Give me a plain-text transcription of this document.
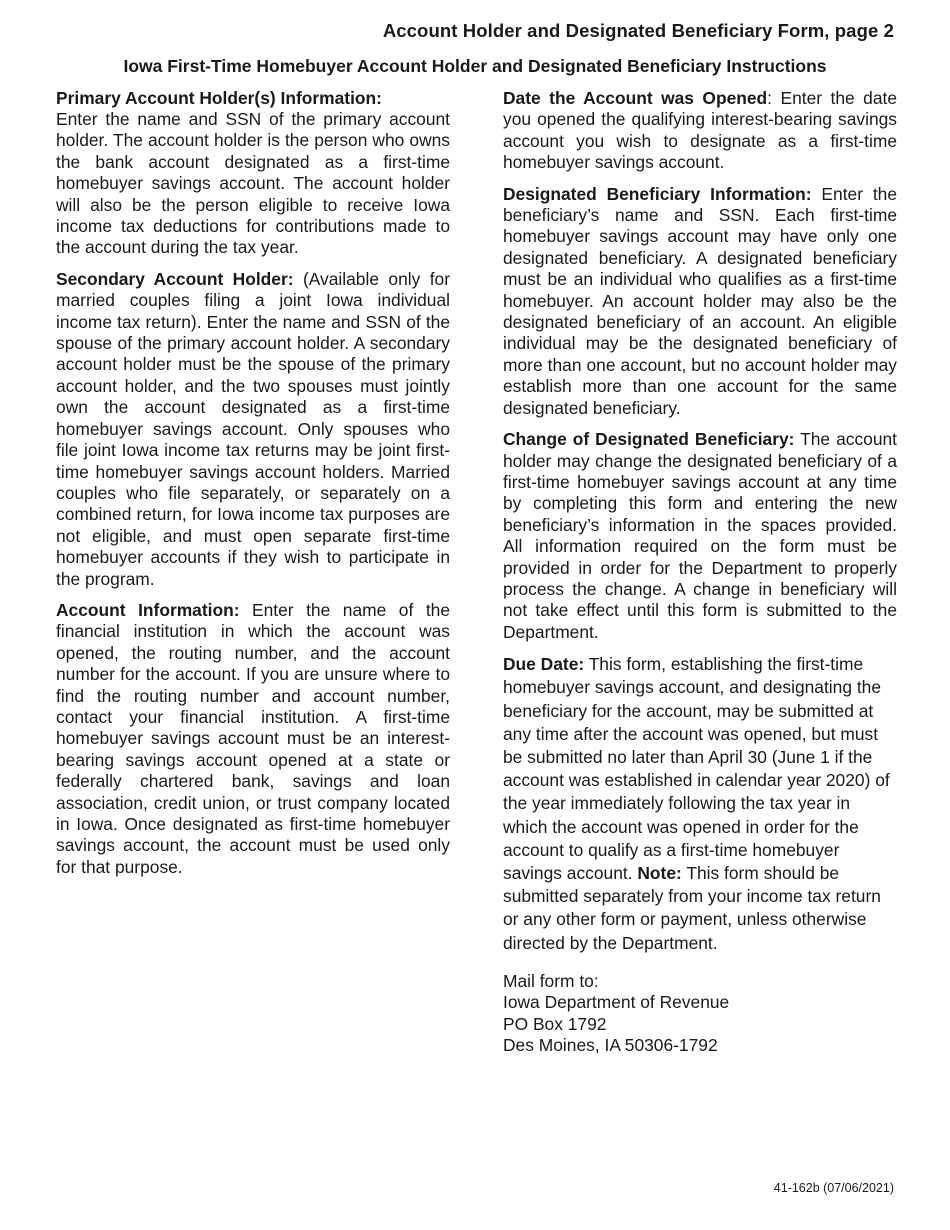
Account Holder and Designated Beneficiary Form, page 2
Iowa First-Time Homebuyer Account Holder and Designated Beneficiary Instructions

Primary Account Holder(s) Information:
Enter the name and SSN of the primary account holder. The account holder is the person who owns the bank account designated as a first-time homebuyer savings account. The account holder will also be the person eligible to receive Iowa income tax deductions for contributions made to the account during the tax year.

Secondary Account Holder: (Available only for married couples filing a joint Iowa individual income tax return). Enter the name and SSN of the spouse of the primary account holder. A secondary account holder must be the spouse of the primary account holder, and the two spouses must jointly own the account designated as a first-time homebuyer savings account. Only spouses who file joint Iowa income tax returns may be joint first-time homebuyer savings account holders. Married couples who file separately, or separately on a combined return, for Iowa income tax purposes are not eligible, and must open separate first-time homebuyer accounts if they wish to participate in the program.

Account Information: Enter the name of the financial institution in which the account was opened, the routing number, and the account number for the account. If you are unsure where to find the routing number and account number, contact your financial institution. A first-time homebuyer savings account must be an interest-bearing savings account opened at a state or federally chartered bank, savings and loan association, credit union, or trust company located in Iowa. Once designated as first-time homebuyer savings account, the account must be used only for that purpose.

Date the Account was Opened: Enter the date you opened the qualifying interest-bearing savings account you wish to designate as a first-time homebuyer savings account.

Designated Beneficiary Information: Enter the beneficiary’s name and SSN. Each first-time homebuyer savings account may have only one designated beneficiary. A designated beneficiary must be an individual who qualifies as a first-time homebuyer. An account holder may also be the designated beneficiary of an account. An eligible individual may be the designated beneficiary of more than one account, but no account holder may establish more than one account for the same designated beneficiary.

Change of Designated Beneficiary: The account holder may change the designated beneficiary of a first-time homebuyer savings account at any time by completing this form and entering the new beneficiary’s information in the spaces provided. All information required on the form must be provided in order for the Department to properly process the change. A change in beneficiary will not take effect until this form is submitted to the Department.

Due Date: This form, establishing the first-time homebuyer savings account, and designating the beneficiary for the account, may be submitted at any time after the account was opened, but must be submitted no later than April 30 (June 1 if the account was established in calendar year 2020) of the year immediately following the tax year in which the account was opened in order for the account to qualify as a first-time homebuyer savings account. Note: This form should be submitted separately from your income tax return or any other form or payment, unless otherwise directed by the Department.

Mail form to:
Iowa Department of Revenue
PO Box 1792
Des Moines, IA 50306-1792
41-162b (07/06/2021)
